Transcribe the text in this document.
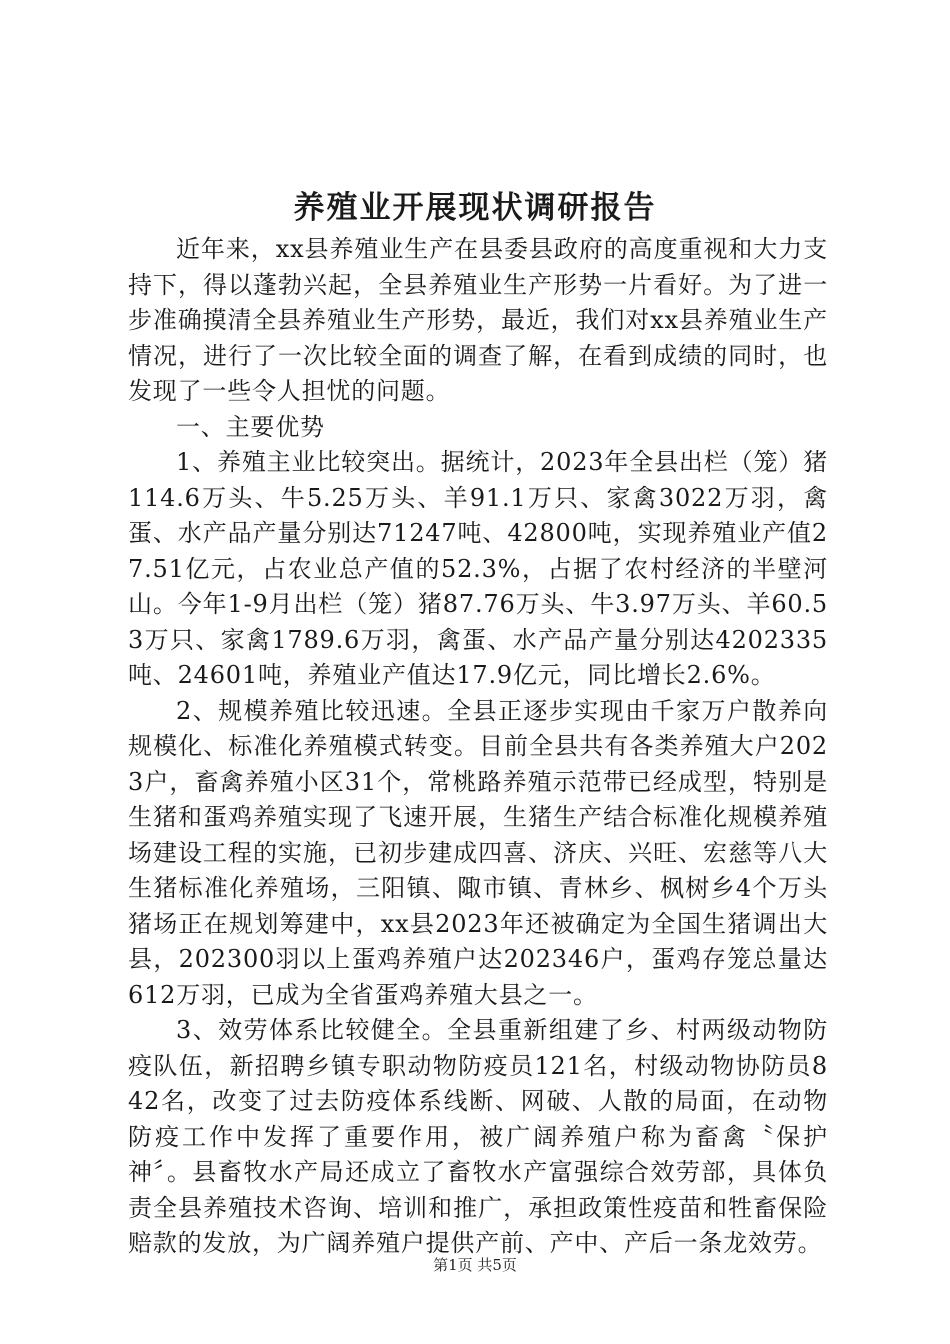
养殖业开展现状调研报告

近年来，xx县养殖业生产在县委县政府的高度重视和大力支持下，得以蓬勃兴起，全县养殖业生产形势一片看好。为了进一步准确摸清全县养殖业生产形势，最近，我们对xx县养殖业生产情况，进行了一次比较全面的调查了解，在看到成绩的同时，也发现了一些令人担忧的问题。

一、主要优势

1、养殖主业比较突出。据统计，2023年全县出栏（笼）猪114.6万头、牛5.25万头、羊91.1万只、家禽3022万羽，禽蛋、水产品产量分别达71247吨、42800吨，实现养殖业产值27.51亿元，占农业总产值的52.3%，占据了农村经济的半壁河山。今年1-9月出栏（笼）猪87.76万头、牛3.97万头、羊60.53万只、家禽1789.6万羽，禽蛋、水产品产量分别达4202335吨、24601吨，养殖业产值达17.9亿元，同比增长2.6%。

2、规模养殖比较迅速。全县正逐步实现由千家万户散养向规模化、标准化养殖模式转变。目前全县共有各类养殖大户2023户，畜禽养殖小区31个，常桃路养殖示范带已经成型，特别是生猪和蛋鸡养殖实现了飞速开展，生猪生产结合标准化规模养殖场建设工程的实施，已初步建成四喜、济庆、兴旺、宏慈等八大生猪标准化养殖场，三阳镇、陬市镇、青林乡、枫树乡4个万头猪场正在规划筹建中，xx县2023年还被确定为全国生猪调出大县，202300羽以上蛋鸡养殖户达202346户，蛋鸡存笼总量达612万羽，已成为全省蛋鸡养殖大县之一。

3、效劳体系比较健全。全县重新组建了乡、村两级动物防疫队伍，新招聘乡镇专职动物防疫员121名，村级动物协防员842名，改变了过去防疫体系线断、网破、人散的局面，在动物防疫工作中发挥了重要作用，被广阔养殖户称为畜禽〝保护神〞。县畜牧水产局还成立了畜牧水产富强综合效劳部，具体负责全县养殖技术咨询、培训和推广，承担政策性疫苗和牲畜保险赔款的发放，为广阔养殖户提供产前、产中、产后一条龙效劳。

第1页 共5页
